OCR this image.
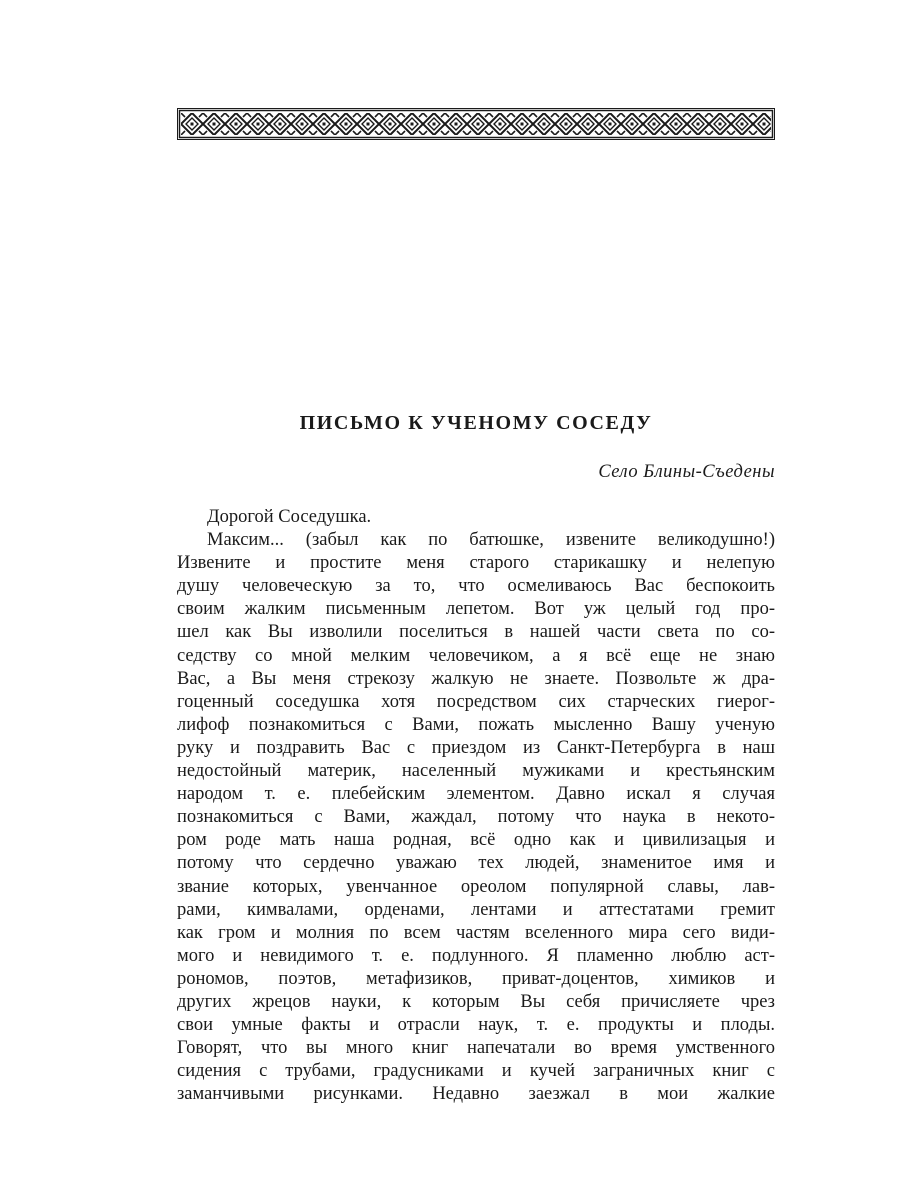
ПИСЬМО К УЧЕНОМУ СОСЕДУ
Село Блины-Съедены
Дорогой Соседушка.
Максим... (забыл как по батюшке, извените великодушно!)
Извените и простите меня старого старикашку и нелепую
душу человеческую за то, что осмеливаюсь Вас беспокоить
своим жалким письменным лепетом. Вот уж целый год про-
шел как Вы изволили поселиться в нашей части света по со-
седству со мной мелким человечиком, а я всё еще не знаю
Вас, а Вы меня стрекозу жалкую не знаете. Позвольте ж дра-
гоценный соседушка хотя посредством сих старческих гиерог-
лифоф познакомиться с Вами, пожать мысленно Вашу ученую
руку и поздравить Вас с приездом из Санкт-Петербурга в наш
недостойный материк, населенный мужиками и крестьянским
народом т. е. плебейским элементом. Давно искал я случая
познакомиться с Вами, жаждал, потому что наука в некото-
ром роде мать наша родная, всё одно как и цивилизацыя и
потому что сердечно уважаю тех людей, знаменитое имя и
звание которых, увенчанное ореолом популярной славы, лав-
рами, кимвалами, орденами, лентами и аттестатами гремит
как гром и молния по всем частям вселенного мира сего види-
мого и невидимого т. е. подлунного. Я пламенно люблю аст-
рономов, поэтов, метафизиков, приват-доцентов, химиков и
других жрецов науки, к которым Вы себя причисляете чрез
свои умные факты и отрасли наук, т. е. продукты и плоды.
Говорят, что вы много книг напечатали во время умственного
сидения с трубами, градусниками и кучей заграничных книг с
заманчивыми рисунками. Недавно заезжал в мои жалкие
